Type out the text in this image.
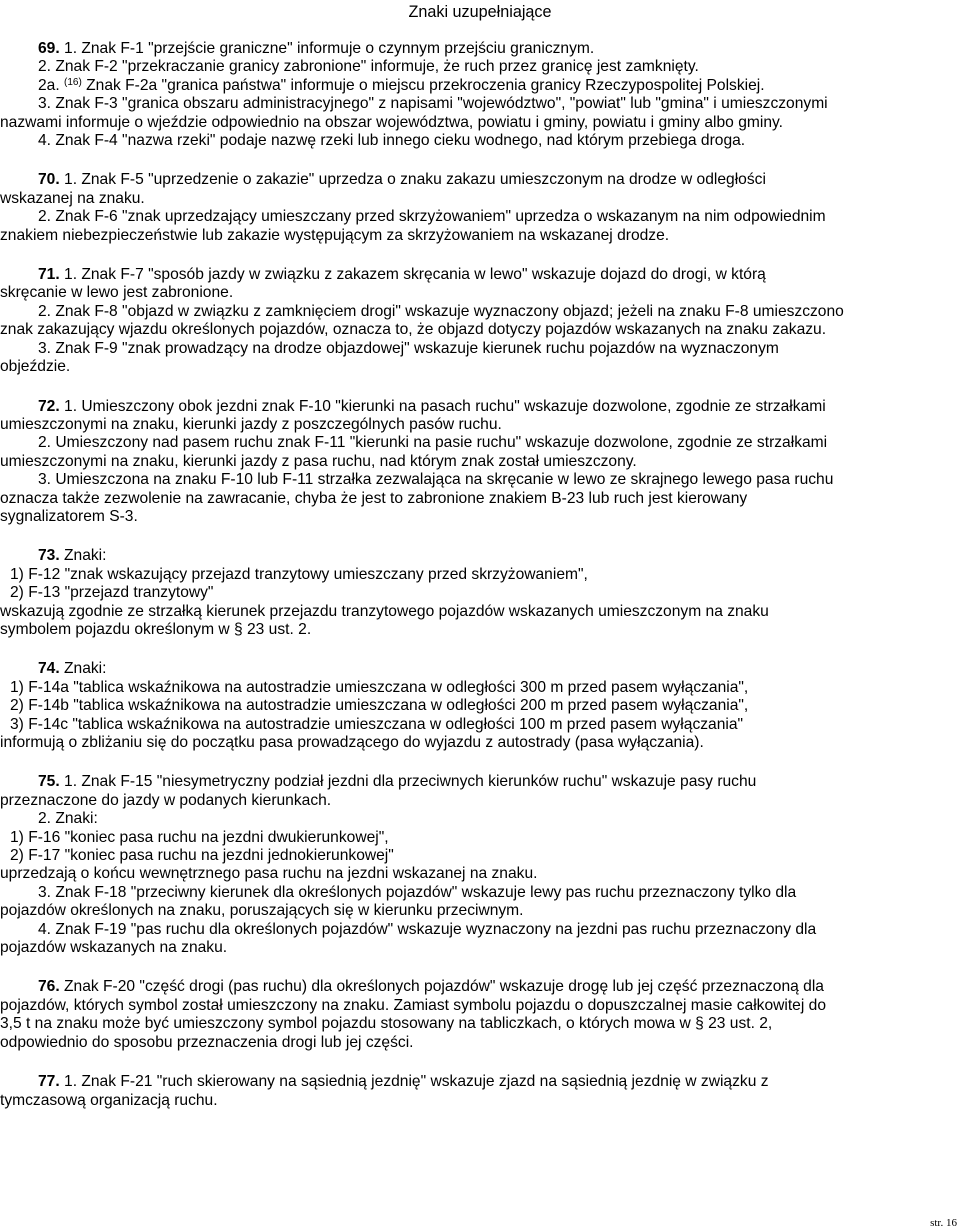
Znaki uzupełniające
69. 1. Znak F-1 "przejście graniczne" informuje o czynnym przejściu granicznym.
2. Znak F-2 "przekraczanie granicy zabronione" informuje, że ruch przez granicę jest zamknięty.
2a. $^{(16)}$ Znak F-2a "granica państwa" informuje o miejscu przekroczenia granicy Rzeczypospolitej Polskiej.
3. Znak F-3 "granica obszaru administracyjnego" z napisami "województwo", "powiat" lub "gmina" i umieszczonymi
nazwami informuje o wjeździe odpowiednio na obszar województwa, powiatu i gminy, powiatu i gminy albo gminy.
4. Znak F-4 "nazwa rzeki" podaje nazwę rzeki lub innego cieku wodnego, nad którym przebiega droga.
70. 1. Znak F-5 "uprzedzenie o zakazie" uprzedza o znaku zakazu umieszczonym na drodze w odległości
wskazanej na znaku.
2. Znak F-6 "znak uprzedzający umieszczany przed skrzyżowaniem" uprzedza o wskazanym na nim odpowiednim
znakiem niebezpieczeństwie lub zakazie występującym za skrzyżowaniem na wskazanej drodze.
71. 1. Znak F-7 "sposób jazdy w związku z zakazem skręcania w lewo" wskazuje dojazd do drogi, w którą
skręcanie w lewo jest zabronione.
2. Znak F-8 "objazd w związku z zamknięciem drogi" wskazuje wyznaczony objazd; jeżeli na znaku F-8 umieszczono
znak zakazujący wjazdu określonych pojazdów, oznacza to, że objazd dotyczy pojazdów wskazanych na znaku zakazu.
3. Znak F-9 "znak prowadzący na drodze objazdowej" wskazuje kierunek ruchu pojazdów na wyznaczonym
objeździe.
72. 1. Umieszczony obok jezdni znak F-10 "kierunki na pasach ruchu" wskazuje dozwolone, zgodnie ze strzałkami
umieszczonymi na znaku, kierunki jazdy z poszczególnych pasów ruchu.
2. Umieszczony nad pasem ruchu znak F-11 "kierunki na pasie ruchu" wskazuje dozwolone, zgodnie ze strzałkami
umieszczonymi na znaku, kierunki jazdy z pasa ruchu, nad którym znak został umieszczony.
3. Umieszczona na znaku F-10 lub F-11 strzałka zezwalająca na skręcanie w lewo ze skrajnego lewego pasa ruchu
oznacza także zezwolenie na zawracanie, chyba że jest to zabronione znakiem B-23 lub ruch jest kierowany
sygnalizatorem S-3.
73. Znaki:
1) F-12 "znak wskazujący przejazd tranzytowy umieszczany przed skrzyżowaniem",
2) F-13 "przejazd tranzytowy"
wskazują zgodnie ze strzałką kierunek przejazdu tranzytowego pojazdów wskazanych umieszczonym na znaku
symbolem pojazdu określonym w § 23 ust. 2.
74. Znaki:
1) F-14a "tablica wskaźnikowa na autostradzie umieszczana w odległości 300 m przed pasem wyłączania",
2) F-14b "tablica wskaźnikowa na autostradzie umieszczana w odległości 200 m przed pasem wyłączania",
3) F-14c "tablica wskaźnikowa na autostradzie umieszczana w odległości 100 m przed pasem wyłączania"
informują o zbliżaniu się do początku pasa prowadzącego do wyjazdu z autostrady (pasa wyłączania).
75. 1. Znak F-15 "niesymetryczny podział jezdni dla przeciwnych kierunków ruchu" wskazuje pasy ruchu
przeznaczone do jazdy w podanych kierunkach.
2. Znaki:
1) F-16 "koniec pasa ruchu na jezdni dwukierunkowej",
2) F-17 "koniec pasa ruchu na jezdni jednokierunkowej"
uprzedzają o końcu wewnętrznego pasa ruchu na jezdni wskazanej na znaku.
3. Znak F-18 "przeciwny kierunek dla określonych pojazdów" wskazuje lewy pas ruchu przeznaczony tylko dla
pojazdów określonych na znaku, poruszających się w kierunku przeciwnym.
4. Znak F-19 "pas ruchu dla określonych pojazdów" wskazuje wyznaczony na jezdni pas ruchu przeznaczony dla
pojazdów wskazanych na znaku.
76. Znak F-20 "część drogi (pas ruchu) dla określonych pojazdów" wskazuje drogę lub jej część przeznaczoną dla
pojazdów, których symbol został umieszczony na znaku. Zamiast symbolu pojazdu o dopuszczalnej masie całkowitej do
3,5 t na znaku może być umieszczony symbol pojazdu stosowany na tabliczkach, o których mowa w § 23 ust. 2,
odpowiednio do sposobu przeznaczenia drogi lub jej części.
77. 1. Znak F-21 "ruch skierowany na sąsiednią jezdnię" wskazuje zjazd na sąsiednią jezdnię w związku z
tymczasową organizacją ruchu.
str. 16
